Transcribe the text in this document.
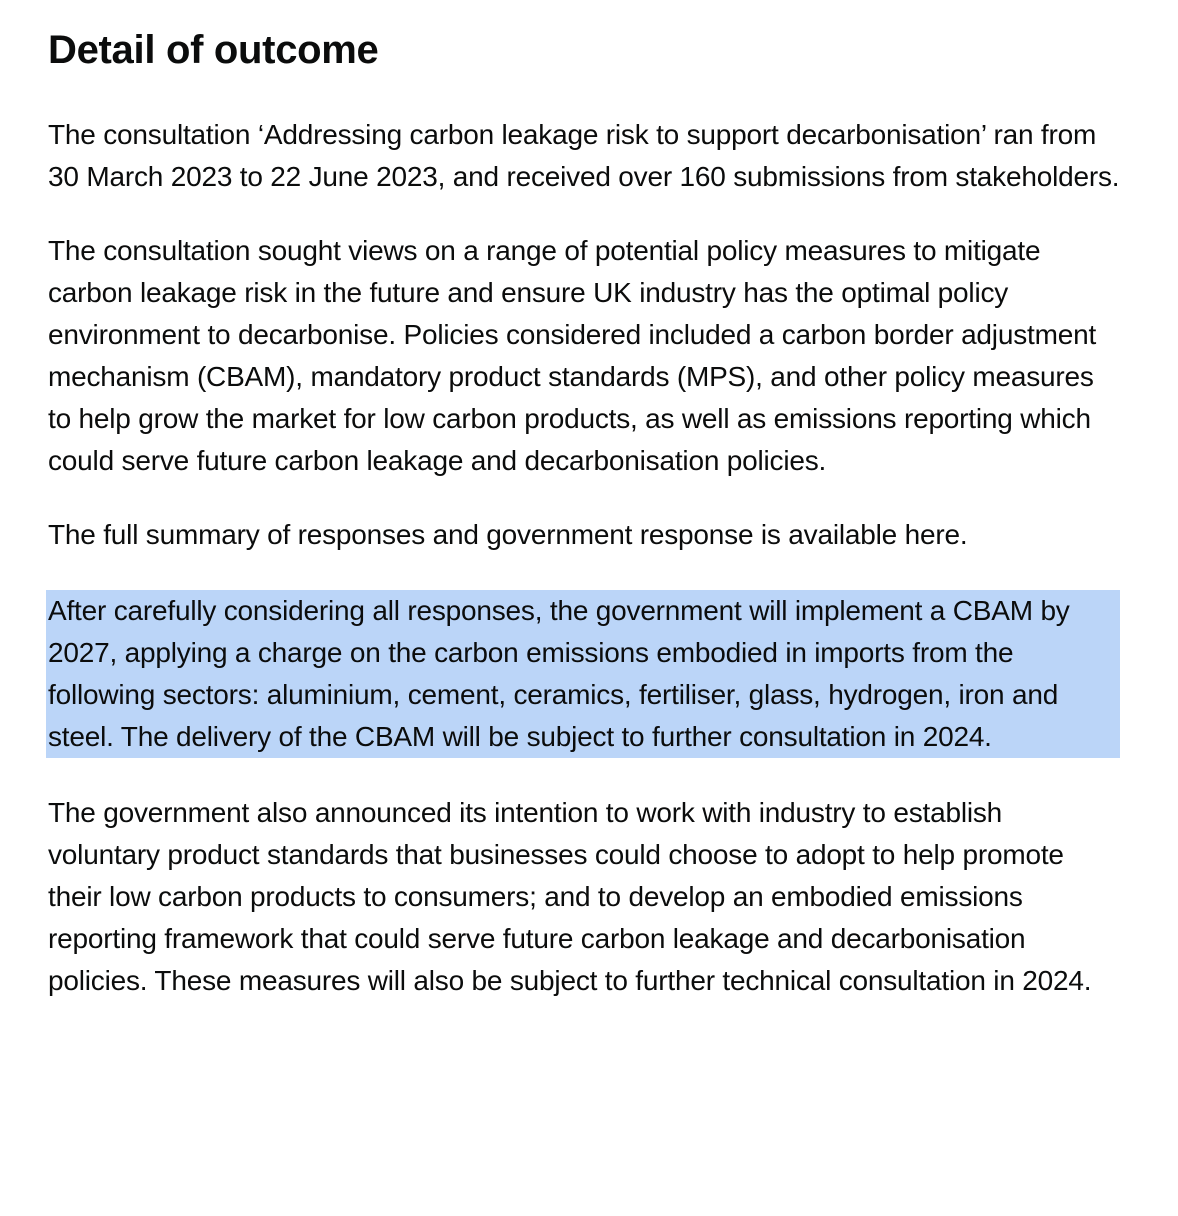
Detail of outcome

The consultation ‘Addressing carbon leakage risk to support decarbonisation’ ran from 30 March 2023 to 22 June 2023, and received over 160 submissions from stakeholders.

The consultation sought views on a range of potential policy measures to mitigate carbon leakage risk in the future and ensure UK industry has the optimal policy environment to decarbonise. Policies considered included a carbon border adjustment mechanism (CBAM), mandatory product standards (MPS), and other policy measures to help grow the market for low carbon products, as well as emissions reporting which could serve future carbon leakage and decarbonisation policies.

The full summary of responses and government response is available here.

After carefully considering all responses, the government will implement a CBAM by 2027, applying a charge on the carbon emissions embodied in imports from the following sectors: aluminium, cement, ceramics, fertiliser, glass, hydrogen, iron and steel. The delivery of the CBAM will be subject to further consultation in 2024.

The government also announced its intention to work with industry to establish voluntary product standards that businesses could choose to adopt to help promote their low carbon products to consumers; and to develop an embodied emissions reporting framework that could serve future carbon leakage and decarbonisation policies. These measures will also be subject to further technical consultation in 2024.
